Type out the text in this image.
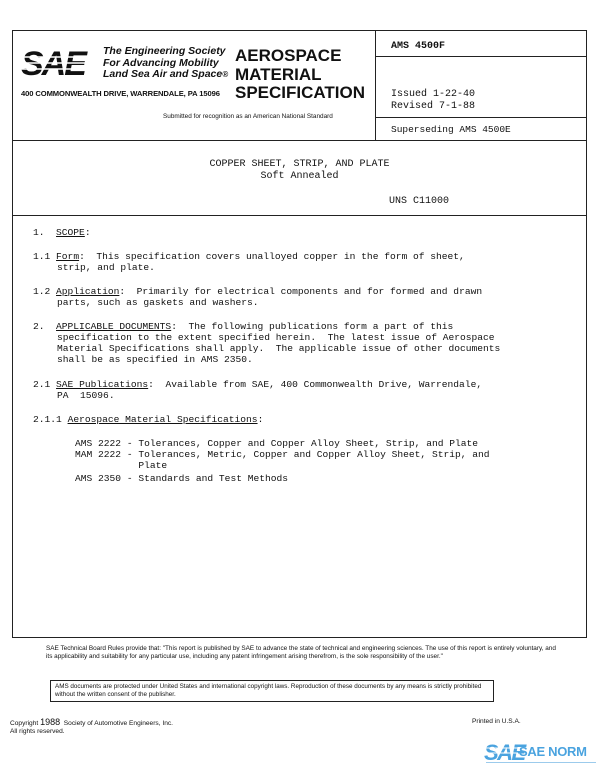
SAE	The Engineering Society
For Advancing Mobility
Land Sea Air and Space®
400 COMMONWEALTH DRIVE, WARRENDALE, PA 15096
AEROSPACE
MATERIAL
SPECIFICATION
Submitted for recognition as an American National Standard
AMS 4500F
Issued 1-22-40
Revised 7-1-88
Superseding AMS 4500E
COPPER SHEET, STRIP, AND PLATE
Soft Annealed
UNS C11000
1. SCOPE:
1.1 Form:  This specification covers unalloyed copper in the form of sheet,
strip, and plate.
1.2 Application:  Primarily for electrical components and for formed and drawn
parts, such as gaskets and washers.
2. APPLICABLE DOCUMENTS:  The following publications form a part of this
specification to the extent specified herein.  The latest issue of Aerospace
Material Specifications shall apply.  The applicable issue of other documents
shall be as specified in AMS 2350.
2.1 SAE Publications:  Available from SAE, 400 Commonwealth Drive, Warrendale,
PA  15096.
2.1.1 Aerospace Material Specifications:
AMS 2222 - Tolerances, Copper and Copper Alloy Sheet, Strip, and Plate
MAM 2222 - Tolerances, Metric, Copper and Copper Alloy Sheet, Strip, and
Plate
AMS 2350 - Standards and Test Methods
SAE Technical Board Rules provide that: "This report is published by SAE to advance the state of technical and engineering sciences. The use of this report is entirely voluntary, and its applicability and suitability for any particular use, including any patent infringement arising therefrom, is the sole responsibility of the user."
AMS documents are protected under United States and international copyright laws. Reproduction of these documents by any means is strictly prohibited without the written consent of the publisher.
Copyright 1988 Society of Automotive Engineers, Inc.
All rights reserved.
Printed in U.S.A.
SAE
SAE NORM
